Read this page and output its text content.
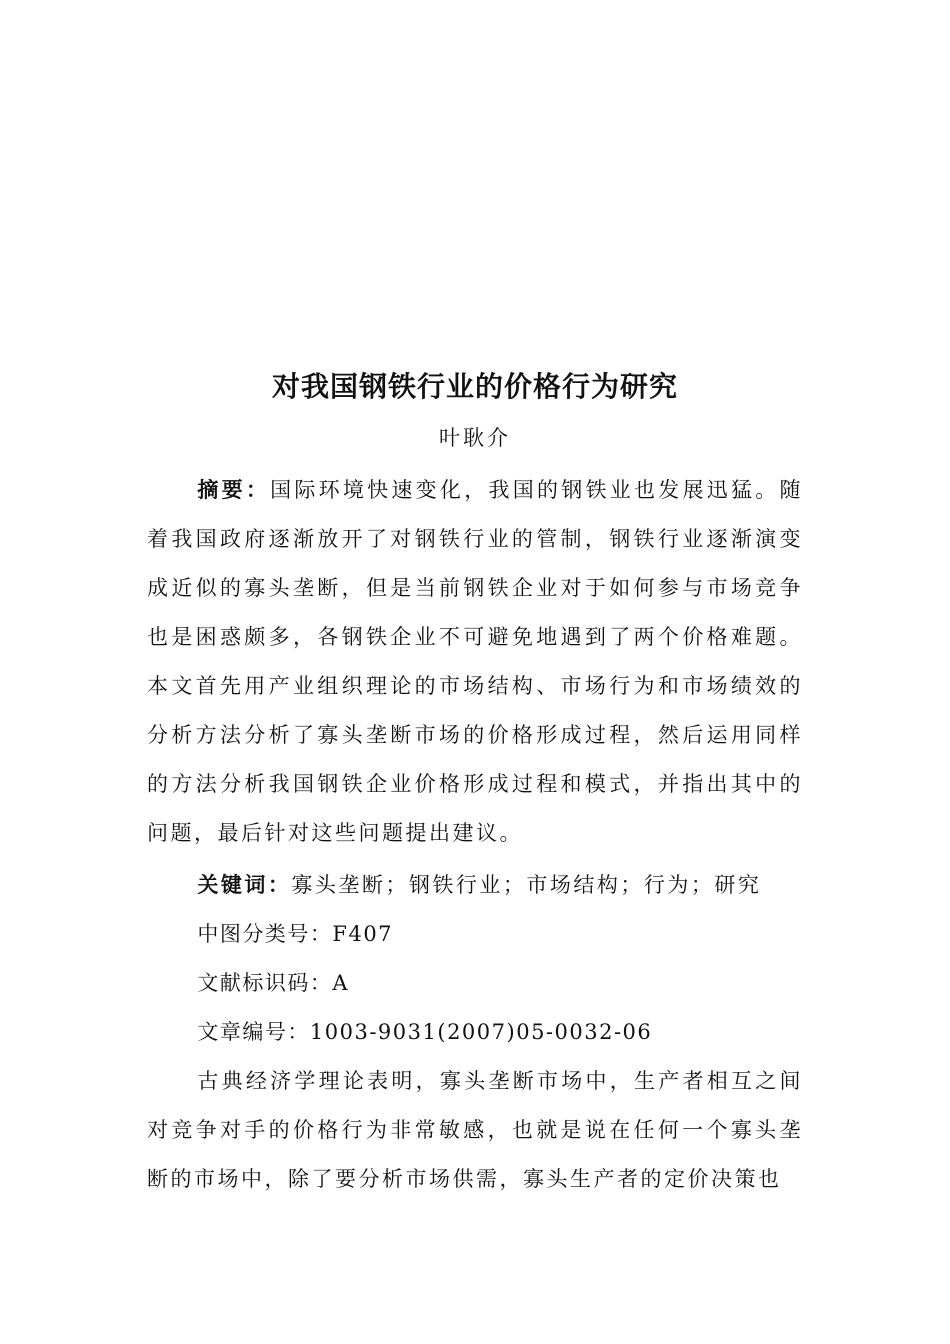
对我国钢铁行业的价格行为研究
叶耿介

摘要：国际环境快速变化，我国的钢铁业也发展迅猛。随着我国政府逐渐放开了对钢铁行业的管制，钢铁行业逐渐演变成近似的寡头垄断，但是当前钢铁企业对于如何参与市场竞争也是困惑颇多，各钢铁企业不可避免地遇到了两个价格难题。本文首先用产业组织理论的市场结构、市场行为和市场绩效的分析方法分析了寡头垄断市场的价格形成过程，然后运用同样的方法分析我国钢铁企业价格形成过程和模式，并指出其中的问题，最后针对这些问题提出建议。

关键词：寡头垄断；钢铁行业；市场结构；行为；研究

中图分类号：F407

文献标识码：A

文章编号：1003-9031(2007)05-0032-06

古典经济学理论表明，寡头垄断市场中，生产者相互之间对竞争对手的价格行为非常敏感，也就是说在任何一个寡头垄断的市场中，除了要分析市场供需，寡头生产者的定价决策也
